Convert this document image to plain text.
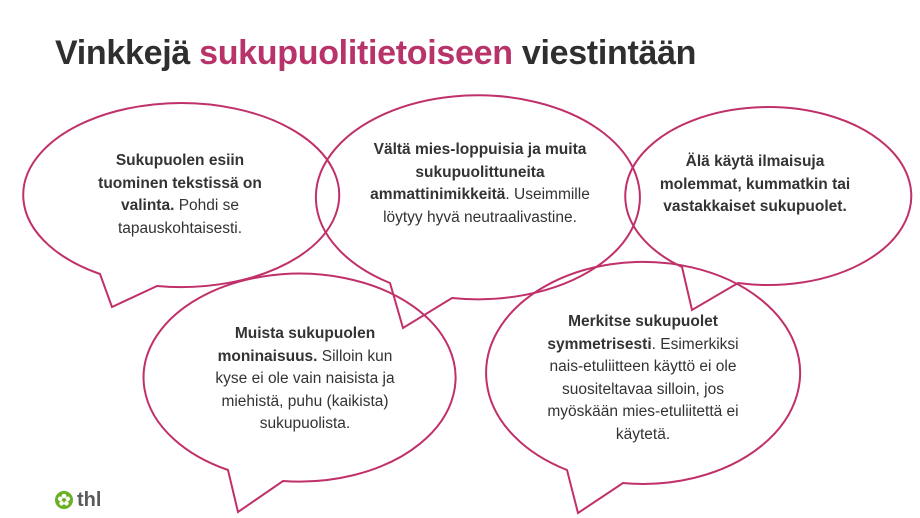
Vinkkejä sukupuolitietoiseen viestintään
Sukupuolen esiin tuominen tekstissä on valinta. Pohdi se tapauskohtaisesti.
Vältä mies-loppuisia ja muita sukupuolittuneita ammattinimikkeitä. Useimmille löytyy hyvä neutraalivastine.
Älä käytä ilmaisuja molemmat, kummatkin tai vastakkaiset sukupuolet.
Muista sukupuolen moninaisuus. Silloin kun kyse ei ole vain naisista ja miehistä, puhu (kaikista) sukupuolista.
Merkitse sukupuolet symmetrisesti. Esimerkiksi nais-etuliitteen käyttö ei ole suositeltavaa silloin, jos myöskään mies-etuliitettä ei käytetä.
thl
